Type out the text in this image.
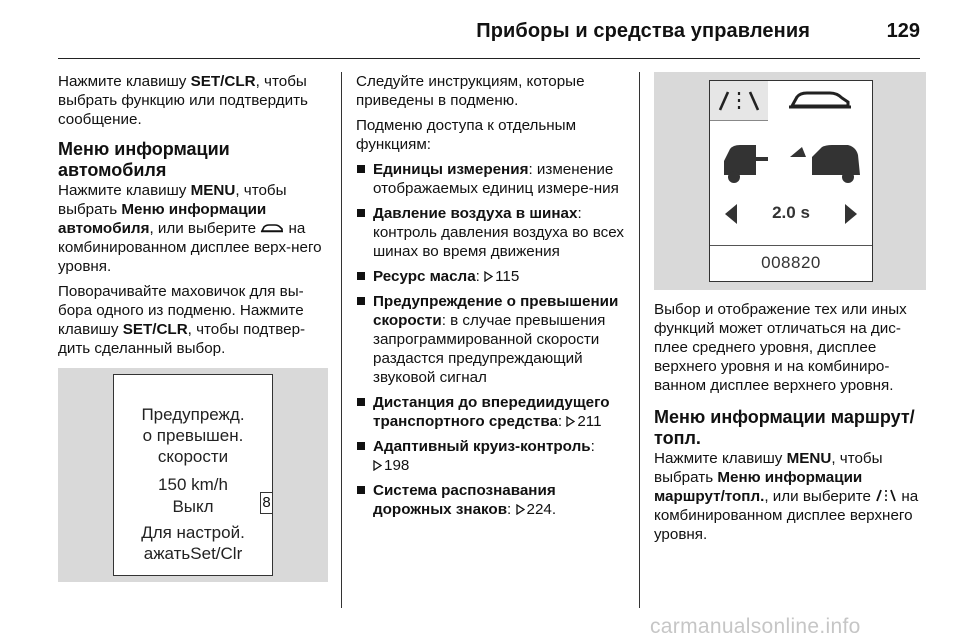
Приборы и средства управления	129

Нажмите клавишу SET/CLR, чтобы выбрать функцию или подтвердить сообщение.

Меню информации автомобиля

Нажмите клавишу MENU, чтобы выбрать Меню информации автомобиля, или выберите  на комбинированном дисплее верх-него уровня.

Поворачивайте маховичок для вы-бора одного из подменю. Нажмите клавишу SET/CLR, чтобы подтвер-дить сделанный выбор.

Предупрежд.
о превышен.
скорости
150 km/h
Выкл
Для настрой.
ажатьSet/Clr
8

Следуйте инструкциям, которые приведены в подменю.

Подменю доступа к отдельным функциям:

Единицы измерения: изменение отображаемых единиц измере-ния
Давление воздуха в шинах: контроль давления воздуха во всех шинах во время движения
Ресурс масла: 115
Предупреждение о превышении скорости: в случае превышения запрограммированной скорости раздастся предупреждающий звуковой сигнал
Дистанция до впередиидущего транспортного средства: 211
Адаптивный круиз-контроль:
198
Система распознавания дорожных знаков: 224.
2.0 s
008820

Выбор и отображение тех или иных функций может отличаться на дис-плее среднего уровня, дисплее верхнего уровня и на комбиниро-ванном дисплее верхнего уровня.

Меню информации маршрут/топл.

Нажмите клавишу MENU, чтобы выбрать Меню информации маршрут/топл., или выберите  на комбинированном дисплее верхнего уровня.

carmanualsonline.info
